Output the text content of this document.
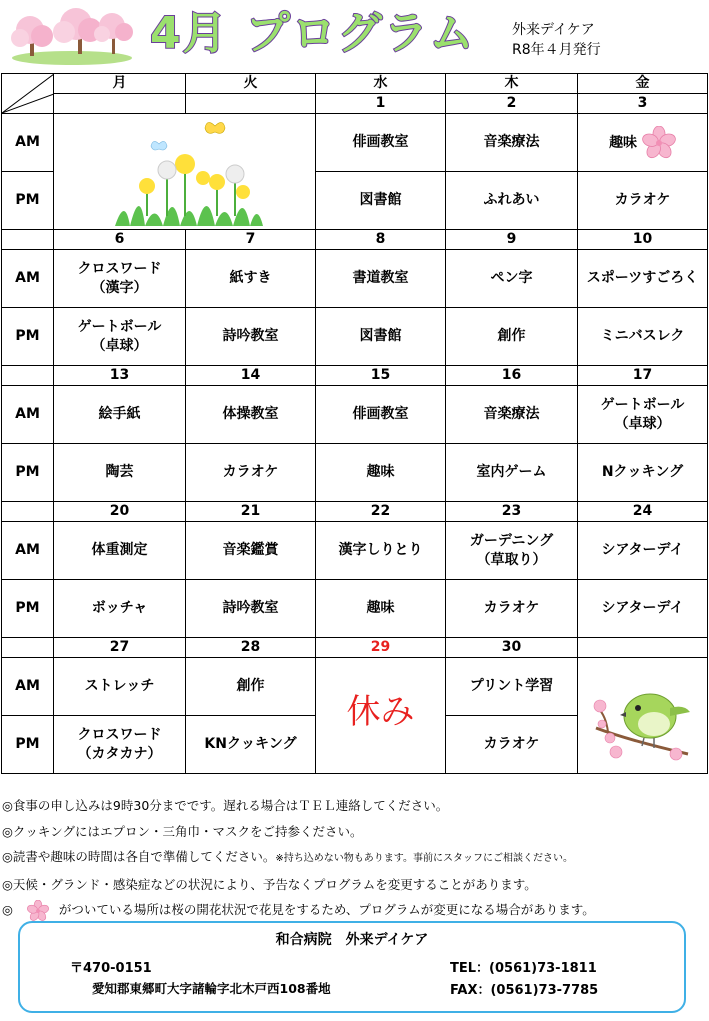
4月 プログラム	外来デイケア
R8年４月発行
	月	火	水	木	金
			1	2	3
AM			俳画教室	音楽療法	趣味
PM			図書館	ふれあい	カラオケ
	6	7	8	9	10
AM	クロスワード
（漢字）	紙すき	書道教室	ペン字	スポーツすごろく
PM	ゲートボール
（卓球）	詩吟教室	図書館	創作	ミニバスレク
	13	14	15	16	17
AM	絵手紙	体操教室	俳画教室	音楽療法	ゲートボール
（卓球）

PM	陶芸	カラオケ	趣味	室内ゲーム	Nクッキング
	20	21	22	23	24
AM	体重測定	音楽鑑賞	漢字しりとり	ガーデニング
（草取り）	シアターデイ
PM	ボッチャ	詩吟教室	趣味	カラオケ	シアターデイ
	27	28	29	30	
AM	ストレッチ	創作	休み	プリント学習	

PM	クロスワード
（カタカナ）	KNクッキング		カラオケ	
◎食事の申し込みは9時30分までです。遅れる場合はＴＥＬ連絡してください。
◎クッキングにはエプロン・三角巾・マスクをご持参ください。
◎読書や趣味の時間は各自で準備してください。※持ち込めない物もあります。事前にスタッフにご相談ください。
◎天候・グランド・感染症などの状況により、予告なくプログラムを変更することがあります。
◎	がついている場所は桜の開花状況で花見をするため、プログラムが変更になる場合があります。
和合病院　外来デイケア
〒470-0151
愛知郡東郷町大字諸輪字北木戸西108番地
TEL：(0561)73-1811
FAX：(0561)73-7785
